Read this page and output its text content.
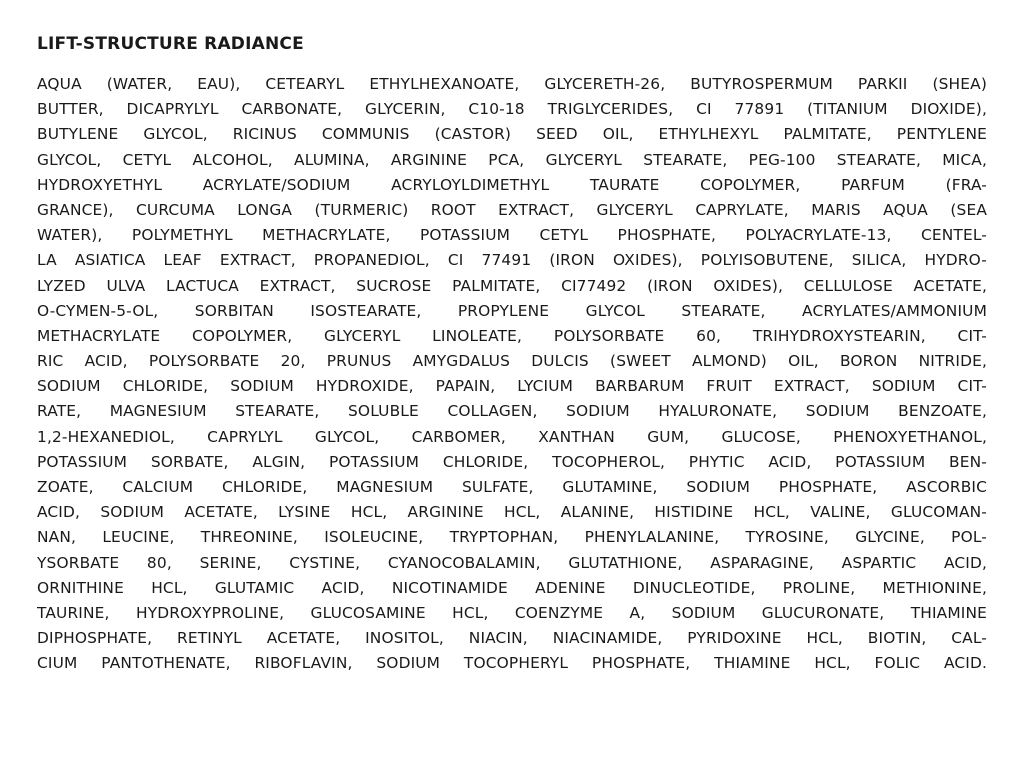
LIFT-STRUCTURE RADIANCE
AQUA (WATER, EAU), CETEARYL ETHYLHEXANOATE, GLYCERETH-26, BUTYROSPERMUM PARKII (SHEA)
BUTTER, DICAPRYLYL CARBONATE, GLYCERIN, C10-18 TRIGLYCERIDES, CI 77891 (TITANIUM DIOXIDE),
BUTYLENE GLYCOL, RICINUS COMMUNIS (CASTOR) SEED OIL, ETHYLHEXYL PALMITATE, PENTYLENE
GLYCOL, CETYL ALCOHOL, ALUMINA, ARGININE PCA, GLYCERYL STEARATE, PEG-100 STEARATE, MICA,
HYDROXYETHYL ACRYLATE/SODIUM ACRYLOYLDIMETHYL TAURATE COPOLYMER, PARFUM (FRA-
GRANCE), CURCUMA LONGA (TURMERIC) ROOT EXTRACT, GLYCERYL CAPRYLATE, MARIS AQUA (SEA
WATER), POLYMETHYL METHACRYLATE, POTASSIUM CETYL PHOSPHATE, POLYACRYLATE-13, CENTEL-
LA ASIATICA LEAF EXTRACT, PROPANEDIOL, CI 77491 (IRON OXIDES), POLYISOBUTENE, SILICA, HYDRO-
LYZED ULVA LACTUCA EXTRACT, SUCROSE PALMITATE, CI77492 (IRON OXIDES), CELLULOSE ACETATE,
O-CYMEN-5-OL, SORBITAN ISOSTEARATE, PROPYLENE GLYCOL STEARATE, ACRYLATES/AMMONIUM
METHACRYLATE COPOLYMER, GLYCERYL LINOLEATE, POLYSORBATE 60, TRIHYDROXYSTEARIN, CIT-
RIC ACID, POLYSORBATE 20, PRUNUS AMYGDALUS DULCIS (SWEET ALMOND) OIL, BORON NITRIDE,
SODIUM CHLORIDE, SODIUM HYDROXIDE, PAPAIN, LYCIUM BARBARUM FRUIT EXTRACT, SODIUM CIT-
RATE, MAGNESIUM STEARATE, SOLUBLE COLLAGEN, SODIUM HYALURONATE, SODIUM BENZOATE,
1,2-HEXANEDIOL, CAPRYLYL GLYCOL, CARBOMER, XANTHAN GUM, GLUCOSE, PHENOXYETHANOL,
POTASSIUM SORBATE, ALGIN, POTASSIUM CHLORIDE, TOCOPHEROL, PHYTIC ACID, POTASSIUM BEN-
ZOATE, CALCIUM CHLORIDE, MAGNESIUM SULFATE, GLUTAMINE, SODIUM PHOSPHATE, ASCORBIC
ACID, SODIUM ACETATE, LYSINE HCL, ARGININE HCL, ALANINE, HISTIDINE HCL, VALINE, GLUCOMAN-
NAN, LEUCINE, THREONINE, ISOLEUCINE, TRYPTOPHAN, PHENYLALANINE, TYROSINE, GLYCINE, POL-
YSORBATE 80, SERINE, CYSTINE, CYANOCOBALAMIN, GLUTATHIONE, ASPARAGINE, ASPARTIC ACID,
ORNITHINE HCL, GLUTAMIC ACID, NICOTINAMIDE ADENINE DINUCLEOTIDE, PROLINE, METHIONINE,
TAURINE, HYDROXYPROLINE, GLUCOSAMINE HCL, COENZYME A, SODIUM GLUCURONATE, THIAMINE
DIPHOSPHATE, RETINYL ACETATE, INOSITOL, NIACIN, NIACINAMIDE, PYRIDOXINE HCL, BIOTIN, CAL-
CIUM PANTOTHENATE, RIBOFLAVIN, SODIUM TOCOPHERYL PHOSPHATE, THIAMINE HCL, FOLIC ACID.
